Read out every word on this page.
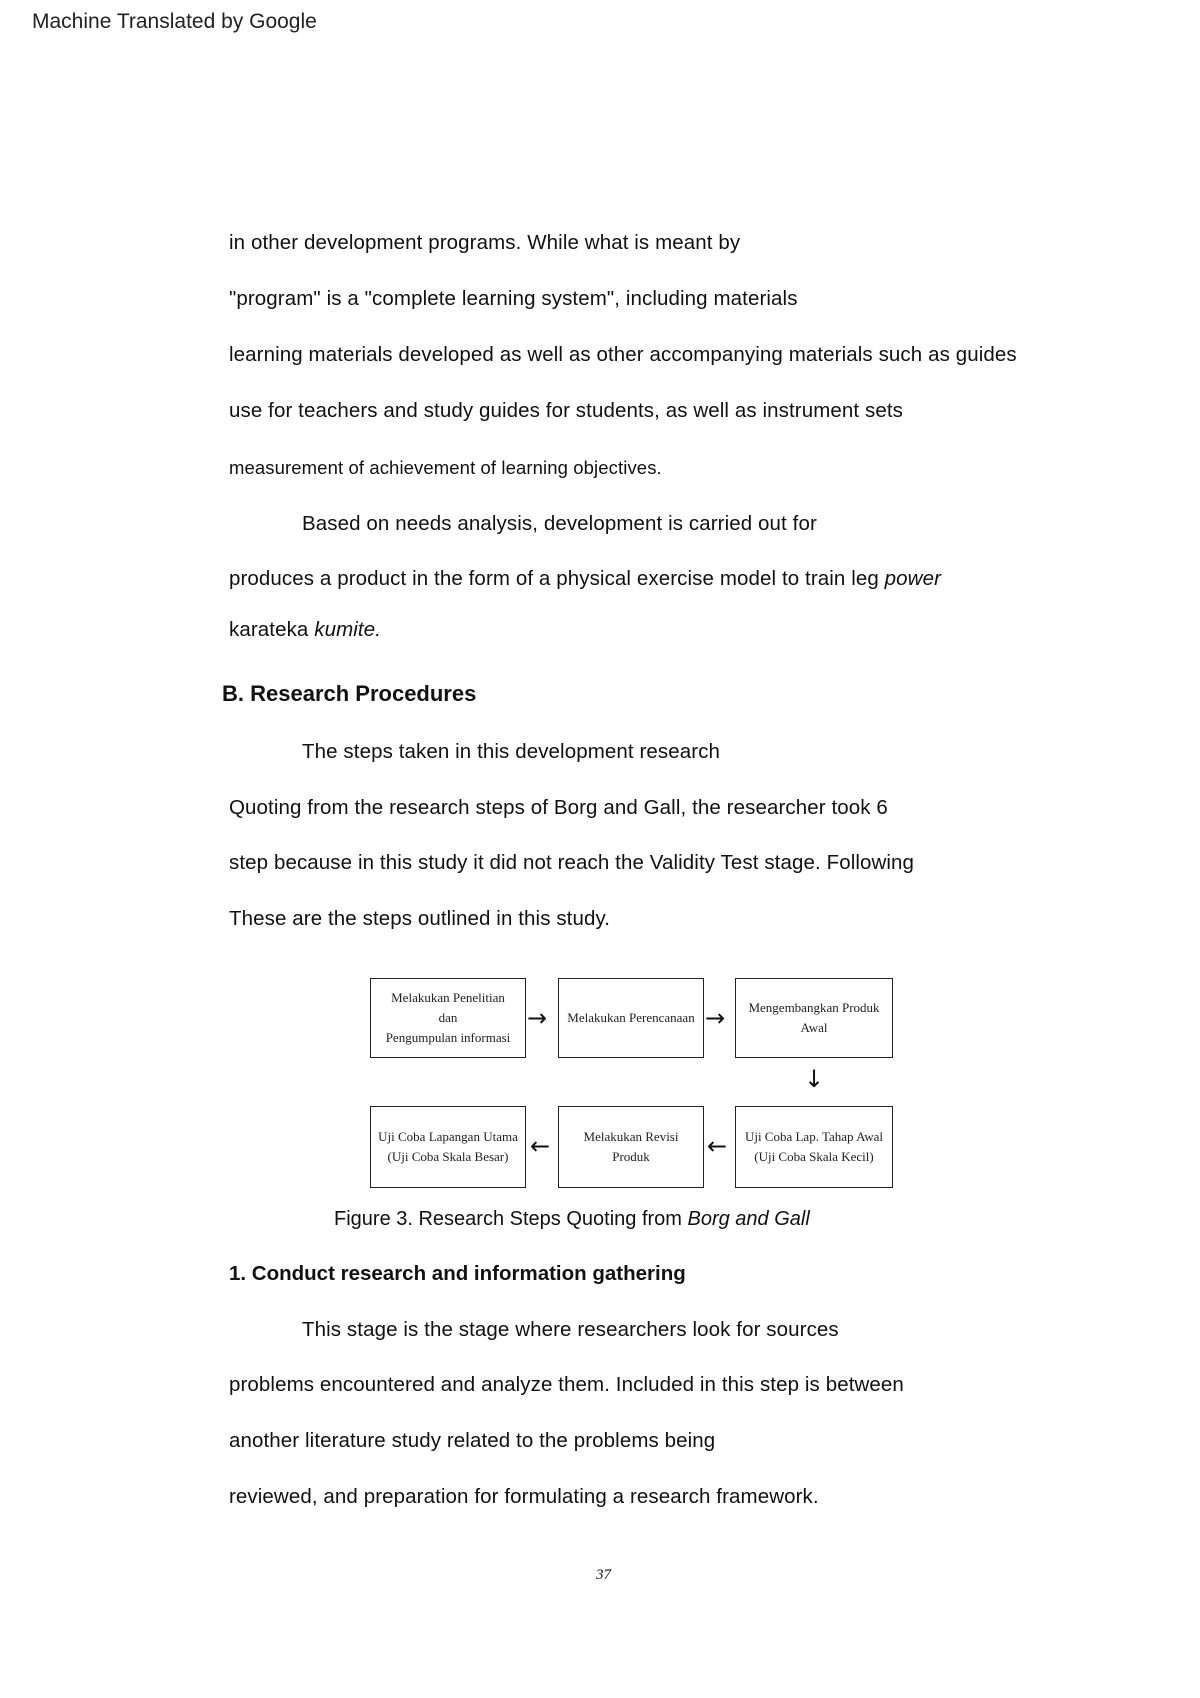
Machine Translated by Google
in other development programs. While what is meant by
"program" is a "complete learning system", including materials
learning materials developed as well as other accompanying materials such as guides
use for teachers and study guides for students, as well as instrument sets
measurement of achievement of learning objectives.
Based on needs analysis, development is carried out for
produces a product in the form of a physical exercise model to train leg power
karateka kumite.
B. Research Procedures
The steps taken in this development research
Quoting from the research steps of Borg and Gall, the researcher took 6
step because in this study it did not reach the Validity Test stage. Following
These are the steps outlined in this study.
Melakukan Penelitian
dan
Pengumpulan informasi
→ Melakukan Perencanaan → Mengembangkan Produk
Awal
↓
Uji Coba Lapangan Utama
(Uji Coba Skala Besar) ←	Melakukan Revisi Produk	← Uji Coba Lap. Tahap Awal
(Uji Coba Skala Kecil)
Figure 3. Research Steps Quoting from Borg and Gall
1. Conduct research and information gathering
This stage is the stage where researchers look for sources
problems encountered and analyze them. Included in this step is between
another literature study related to the problems being
reviewed, and preparation for formulating a research framework.
37
